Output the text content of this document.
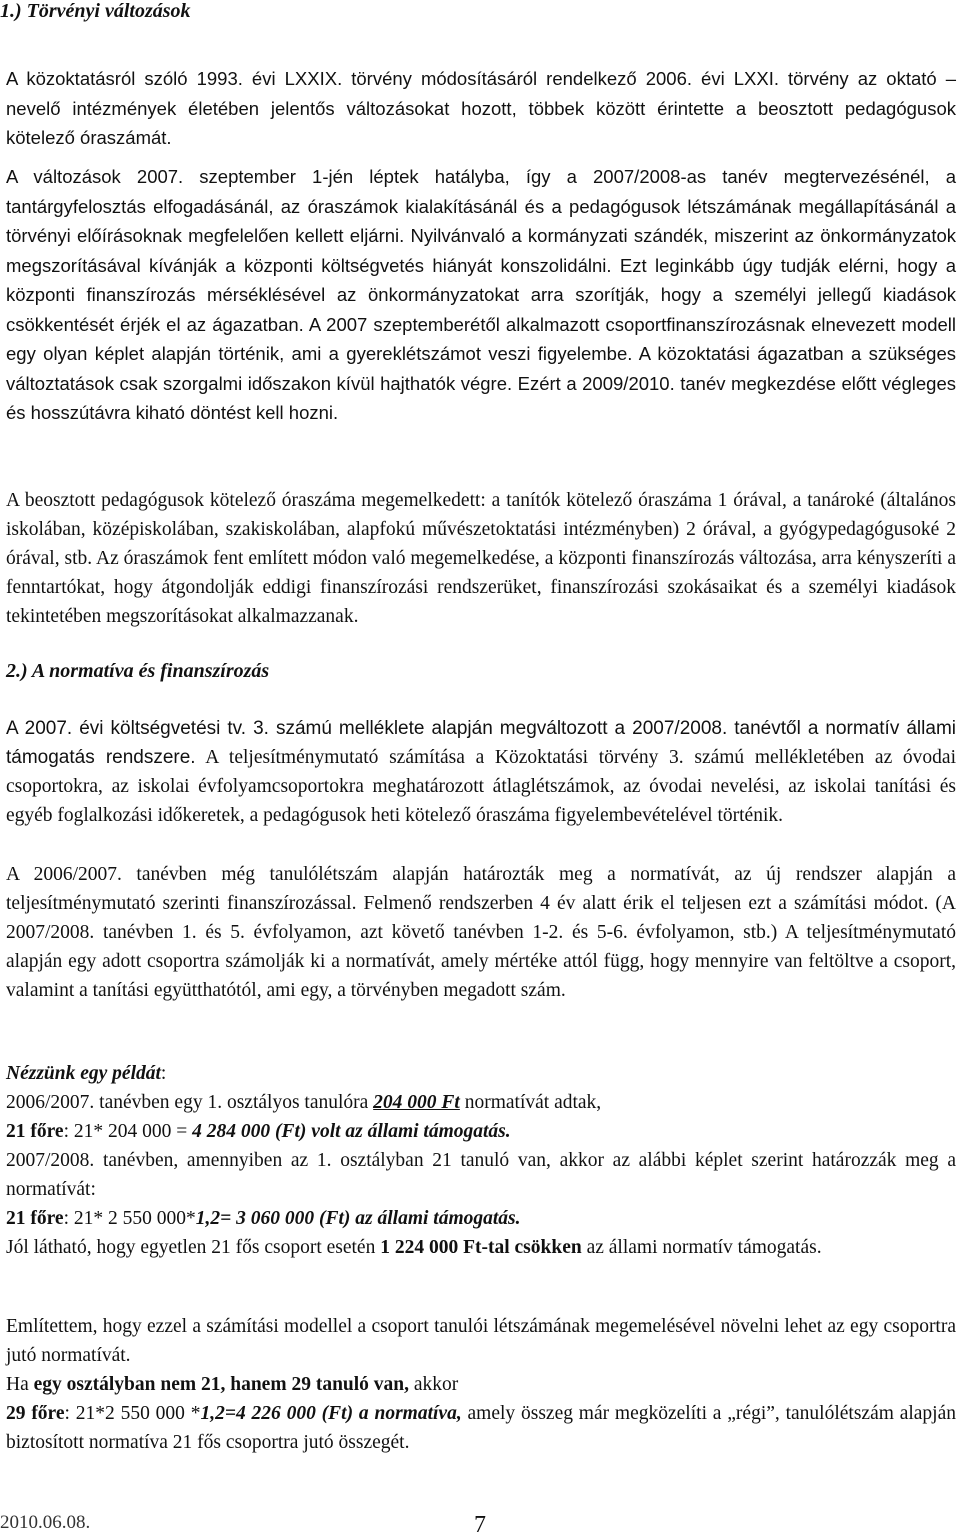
1.) Törvényi változások

A közoktatásról szóló 1993. évi LXXIX. törvény módosításáról rendelkező 2006. évi LXXI. törvény az oktató – nevelő intézmények életében jelentős változásokat hozott, többek között érintette a beosztott pedagógusok kötelező óraszámát.

A változások 2007. szeptember 1-jén léptek hatályba, így a 2007/2008-as tanév megtervezésénél, a tantárgyfelosztás elfogadásánál, az óraszámok kialakításánál és a pedagógusok létszámának megállapításánál a törvényi előírásoknak megfelelően kellett eljárni. Nyilvánvaló a kormányzati szándék, miszerint az önkormányzatok megszorításával kívánják a központi költségvetés hiányát konszolidálni. Ezt leginkább úgy tudják elérni, hogy a központi finanszírozás mérséklésével az önkormányzatokat arra szorítják, hogy a személyi jellegű kiadások csökkentését érjék el az ágazatban. A 2007 szeptemberétől alkalmazott csoportfinanszírozásnak elnevezett modell egy olyan képlet alapján történik, ami a gyereklétszámot veszi figyelembe. A közoktatási ágazatban a szükséges változtatások csak szorgalmi időszakon kívül hajthatók végre. Ezért a 2009/2010. tanév megkezdése előtt végleges és hosszútávra kiható döntést kell hozni.

A beosztott pedagógusok kötelező óraszáma megemelkedett: a tanítók kötelező óraszáma 1 órával, a tanároké (általános iskolában, középiskolában, szakiskolában, alapfokú művészetoktatási intézményben) 2 órával, a gyógypedagógusoké 2 órával, stb. Az óraszámok fent említett módon való megemelkedése, a központi finanszírozás változása, arra kényszeríti a fenntartókat, hogy átgondolják eddigi finanszírozási rendszerüket, finanszírozási szokásaikat és a személyi kiadások tekintetében megszorításokat alkalmazzanak.

2.) A normatíva és finanszírozás

A 2007. évi költségvetési tv. 3. számú melléklete alapján megváltozott a 2007/2008. tanévtől a normatív állami támogatás rendszere. A teljesítménymutató számítása a Közoktatási törvény 3. számú mellékletében az óvodai csoportokra, az iskolai évfolyamcsoportokra meghatározott átlaglétszámok, az óvodai nevelési, az iskolai tanítási és egyéb foglalkozási időkeretek, a pedagógusok heti kötelező óraszáma figyelembevételével történik.

A 2006/2007. tanévben még tanulólétszám alapján határozták meg a normatívát, az új rendszer alapján a teljesítménymutató szerinti finanszírozással. Felmenő rendszerben 4 év alatt érik el teljesen ezt a számítási módot. (A 2007/2008. tanévben 1. és 5. évfolyamon, azt követő tanévben 1-2. és 5-6. évfolyamon, stb.) A teljesítménymutató alapján egy adott csoportra számolják ki a normatívát, amely mértéke attól függ, hogy mennyire van feltöltve a csoport, valamint a tanítási együtthatótól, ami egy, a törvényben megadott szám.

Nézzünk egy példát:

2006/2007. tanévben egy 1. osztályos tanulóra 204 000 Ft normatívát adtak,

21 főre: 21* 204 000 = 4 284 000 (Ft) volt az állami támogatás.

2007/2008. tanévben, amennyiben az 1. osztályban 21 tanuló van, akkor az alábbi képlet szerint határozzák meg a normatívát:

21 főre: 21* 2 550 000*1,2= 3 060 000 (Ft) az állami támogatás.

Jól látható, hogy egyetlen 21 fős csoport esetén 1 224 000 Ft-tal csökken az állami normatív támogatás.

Említettem, hogy ezzel a számítási modellel a csoport tanulói létszámának megemelésével növelni lehet az egy csoportra jutó normatívát.

Ha egy osztályban nem 21, hanem 29 tanuló van, akkor

29 főre: 21*2 550 000 *1,2=4 226 000 (Ft) a normatíva, amely összeg már megközelíti a „régi”, tanulólétszám alapján biztosított normatíva 21 fős csoportra jutó összegét.

2010.06.08.	7
